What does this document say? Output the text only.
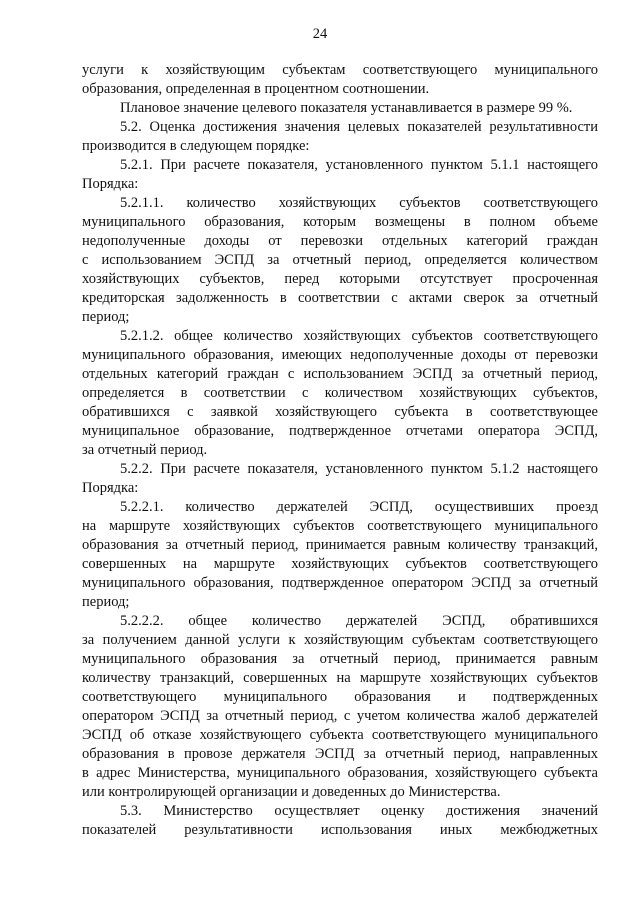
24
услуги к хозяйствующим субъектам соответствующего муниципального
образования, определенная в процентном соотношении.
Плановое значение целевого показателя устанавливается в размере 99 %.
5.2. Оценка достижения значения целевых показателей результативности
производится в следующем порядке:
5.2.1. При расчете показателя, установленного пунктом 5.1.1 настоящего
Порядка:
5.2.1.1. количество хозяйствующих субъектов соответствующего
муниципального образования, которым возмещены в полном объеме
недополученные доходы от перевозки отдельных категорий граждан
с использованием ЭСПД за отчетный период, определяется количеством
хозяйствующих субъектов, перед которыми отсутствует просроченная
кредиторская задолженность в соответствии с актами сверок за отчетный
период;
5.2.1.2. общее количество хозяйствующих субъектов соответствующего
муниципального образования, имеющих недополученные доходы от перевозки
отдельных категорий граждан с использованием ЭСПД за отчетный период,
определяется в соответствии с количеством хозяйствующих субъектов,
обратившихся с заявкой хозяйствующего субъекта в соответствующее
муниципальное образование, подтвержденное отчетами оператора ЭСПД,
за отчетный период.
5.2.2. При расчете показателя, установленного пунктом 5.1.2 настоящего
Порядка:
5.2.2.1. количество держателей ЭСПД, осуществивших проезд
на маршруте хозяйствующих субъектов соответствующего муниципального
образования за отчетный период, принимается равным количеству транзакций,
совершенных на маршруте хозяйствующих субъектов соответствующего
муниципального образования, подтвержденное оператором ЭСПД за отчетный
период;
5.2.2.2. общее количество держателей ЭСПД, обратившихся
за получением данной услуги к хозяйствующим субъектам соответствующего
муниципального образования за отчетный период, принимается равным
количеству транзакций, совершенных на маршруте хозяйствующих субъектов
соответствующего муниципального образования и подтвержденных
оператором ЭСПД за отчетный период, с учетом количества жалоб держателей
ЭСПД об отказе хозяйствующего субъекта соответствующего муниципального
образования в провозе держателя ЭСПД за отчетный период, направленных
в адрес Министерства, муниципального образования, хозяйствующего субъекта
или контролирующей организации и доведенных до Министерства.
5.3. Министерство осуществляет оценку достижения значений
показателей результативности использования иных межбюджетных
